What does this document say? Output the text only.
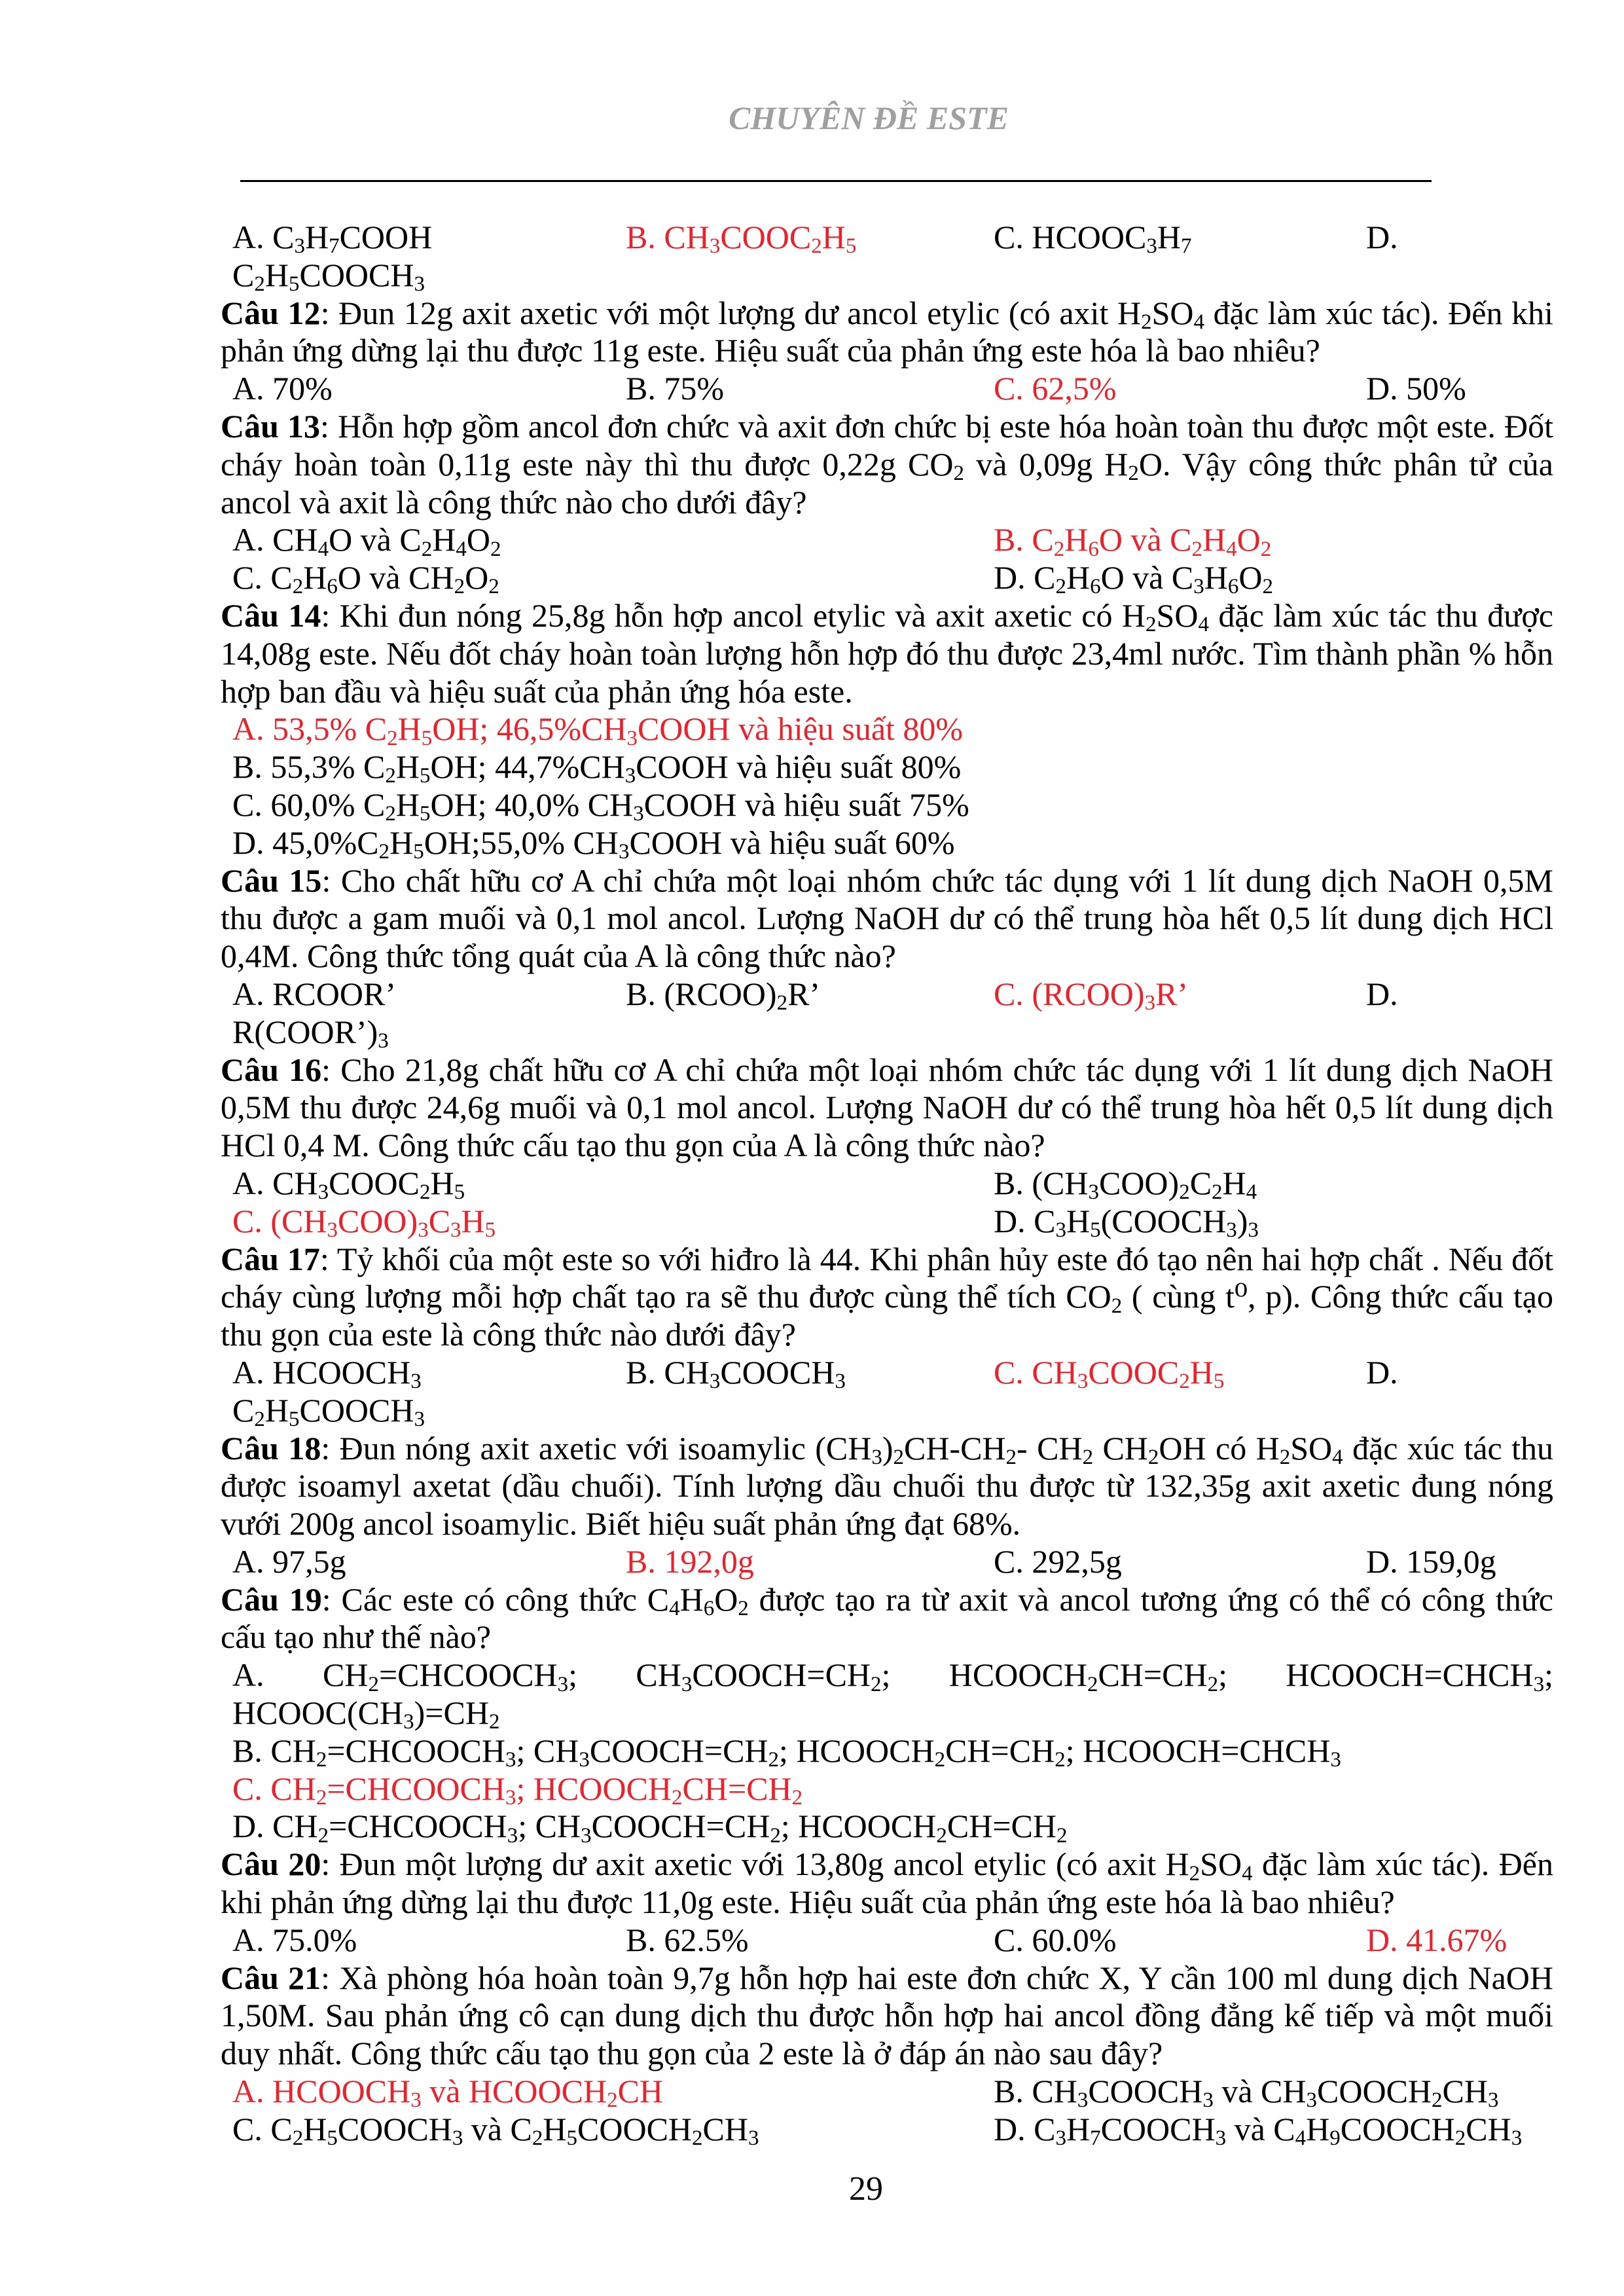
CHUYÊN ĐỀ ESTE
A. $C_3H_7COOH$	B. $CH_3COOC_2H_5$	C. $HCOOC_3H_7$	D.
$C_2H_5COOCH_3$

Câu 12: Đun 12g axit axetic với một lượng dư ancol etylic (có axit $H_2SO_4$ đặc làm xúc tác). Đến khi phản ứng dừng lại thu được 11g este. Hiệu suất của phản ứng este hóa là bao nhiêu?

A. 70%	B. 75%	C. 62,5%	D. 50%

Câu 13: Hỗn hợp gồm ancol đơn chức và axit đơn chức bị este hóa hoàn toàn thu được một este. Đốt cháy hoàn toàn 0,11g este này thì thu được 0,22g $CO_2$ và 0,09g $H_2O$. Vậy công thức phân tử của ancol và axit là công thức nào cho dưới đây?

A. $CH_4O$ và $C_2H_4O_2$	B. $C_2H_6O$ và $C_2H_4O_2$
C. $C_2H_6O$ và $CH_2O_2$	D. $C_2H_6O$ và $C_3H_6O_2$

Câu 14: Khi đun nóng 25,8g hỗn hợp ancol etylic và axit axetic có $H_2SO_4$ đặc làm xúc tác thu được 14,08g este. Nếu đốt cháy hoàn toàn lượng hỗn hợp đó thu được 23,4ml nước. Tìm thành phần % hỗn hợp ban đầu và hiệu suất của phản ứng hóa este.

A. 53,5% $C_2H_5OH$; $46,5\%CH_3COOH$ và hiệu suất 80%
B. 55,3% $C_2H_5OH$; $44,7\%CH_3COOH$ và hiệu suất 80%
C. 60,0% $C_2H_5OH$; 40,0% $CH_3COOH$ và hiệu suất 75%
D. $45,0\%C_2H_5OH;55,0\%$ $CH_3COOH$ và hiệu suất 60%

Câu 15: Cho chất hữu cơ A chỉ chứa một loại nhóm chức tác dụng với 1 lít dung dịch NaOH 0,5M thu được a gam muối và 0,1 mol ancol. Lượng NaOH dư có thể trung hòa hết 0,5 lít dung dịch HCl 0,4M. Công thức tổng quát của A là công thức nào?

A. RCOOR’	B. $(RCOO)_2R$’	C. $(RCOO)_3R$’	D.
$R(COOR’)_3$

Câu 16: Cho 21,8g chất hữu cơ A chỉ chứa một loại nhóm chức tác dụng với 1 lít dung dịch NaOH 0,5M thu được 24,6g muối và 0,1 mol ancol. Lượng NaOH dư có thể trung hòa hết 0,5 lít dung dịch HCl 0,4 M. Công thức cấu tạo thu gọn của A là công thức nào?

A. $CH_3COOC_2H_5$	B. $(CH_3COO)_2C_2H_4$
C. $(CH_3COO)_3C_3H_5$	D. $C_3H_5(COOCH_3)_3$

Câu 17: Tỷ khối của một este so với hiđro là 44. Khi phân hủy este đó tạo nên hai hợp chất . Nếu đốt cháy cùng lượng mỗi hợp chất tạo ra sẽ thu được cùng thể tích $CO_2$ ( cùng t⁰, p). Công thức cấu tạo thu gọn của este là công thức nào dưới đây?

A. $HCOOCH_3$	B. $CH_3COOCH_3$	C. $CH_3COOC_2H_5$	D.
$C_2H_5COOCH_3$

Câu 18: Đun nóng axit axetic với isoamylic $(CH_3)_2CH-CH_2-$ $CH_2$ $CH_2OH$ có $H_2SO_4$ đặc xúc tác thu được isoamyl axetat (dầu chuối). Tính lượng dầu chuối thu được từ 132,35g axit axetic đung nóng vưới 200g ancol isoamylic. Biết hiệu suất phản ứng đạt 68%.

A. 97,5g	B. 192,0g	C. 292,5g	D. 159,0g

Câu 19: Các este có công thức $C_4H_6O_2$ được tạo ra từ axit và ancol tương ứng có thể có công thức cấu tạo như thế nào?

A. $CH_2=CHCOOCH_3$; $CH_3COOCH=CH_2$; $HCOOCH_2CH=CH_2$; $HCOOCH=CHCH_3$;
$HCOOC(CH_3)=CH_2$
B. $CH_2=CHCOOCH_3$; $CH_3COOCH=CH_2$; $HCOOCH_2CH=CH_2$; $HCOOCH=CHCH_3$
C. $CH_2=CHCOOCH_3$; $HCOOCH_2CH=CH_2$
D. $CH_2=CHCOOCH_3$; $CH_3COOCH=CH_2$; $HCOOCH_2CH=CH_2$

Câu 20: Đun một lượng dư axit axetic với 13,80g ancol etylic (có axit $H_2SO_4$ đặc làm xúc tác). Đến khi phản ứng dừng lại thu được 11,0g este. Hiệu suất của phản ứng este hóa là bao nhiêu?

A. 75.0%	B. 62.5%	C. 60.0%	D. 41.67%

Câu 21: Xà phòng hóa hoàn toàn 9,7g hỗn hợp hai este đơn chức X, Y cần 100 ml dung dịch NaOH 1,50M. Sau phản ứng cô cạn dung dịch thu được hỗn hợp hai ancol đồng đẳng kế tiếp và một muối duy nhất. Công thức cấu tạo thu gọn của 2 este là ở đáp án nào sau đây?

A. $HCOOCH_3$ và $HCOOCH_2CH$	B. $CH_3COOCH_3$ và $CH_3COOCH_2CH_3$
C. $C_2H_5COOCH_3$ và $C_2H_5COOCH_2CH_3$	D. $C_3H_7COOCH_3$ và $C_4H_9COOCH_2CH_3$
29
